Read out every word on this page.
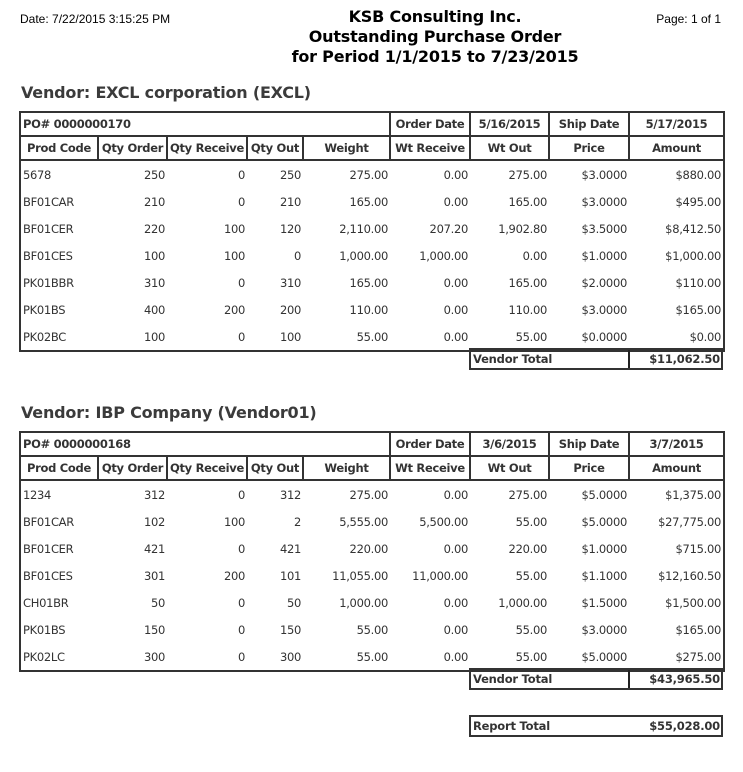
Date: 7/22/2015 3:15:25 PM	Page: 1 of 1
KSB Consulting Inc.
Outstanding Purchase Order
for Period 1/1/2015 to 7/23/2015
Vendor: EXCL corporation (EXCL)
PO# 0000000170					Order Date	5/16/2015	Ship Date	5/17/2015
Prod Code	Qty Order	Qty Receive	Qty Out	Weight	Wt Receive	Wt Out	Price	Amount
5678	250	0	250	275.00	0.00	275.00	$3.0000	$880.00
BF01CAR	210	0	210	165.00	0.00	165.00	$3.0000	$495.00
BF01CER	220	100	120	2,110.00	207.20	1,902.80	$3.5000	$8,412.50
BF01CES	100	100	0	1,000.00	1,000.00	0.00	$1.0000	$1,000.00
PK01BBR	310	0	310	165.00	0.00	165.00	$2.0000	$110.00
PK01BS	400	200	200	110.00	0.00	110.00	$3.0000	$165.00
PK02BC	100	0	100	55.00	0.00	55.00	$0.0000	$0.00
Vendor Total	$11,062.50
Vendor: IBP Company (Vendor01)
PO# 0000000168					Order Date	3/6/2015	Ship Date	3/7/2015
Prod Code	Qty Order	Qty Receive	Qty Out	Weight	Wt Receive	Wt Out	Price	Amount
1234	312	0	312	275.00	0.00	275.00	$5.0000	$1,375.00
BF01CAR	102	100	2	5,555.00	5,500.00	55.00	$5.0000	$27,775.00
BF01CER	421	0	421	220.00	0.00	220.00	$1.0000	$715.00
BF01CES	301	200	101	11,055.00	11,000.00	55.00	$1.1000	$12,160.50
CH01BR	50	0	50	1,000.00	0.00	1,000.00	$1.5000	$1,500.00
PK01BS	150	0	150	55.00	0.00	55.00	$3.0000	$165.00
PK02LC	300	0	300	55.00	0.00	55.00	$5.0000	$275.00
Vendor Total	$43,965.50
Report Total	$55,028.00
